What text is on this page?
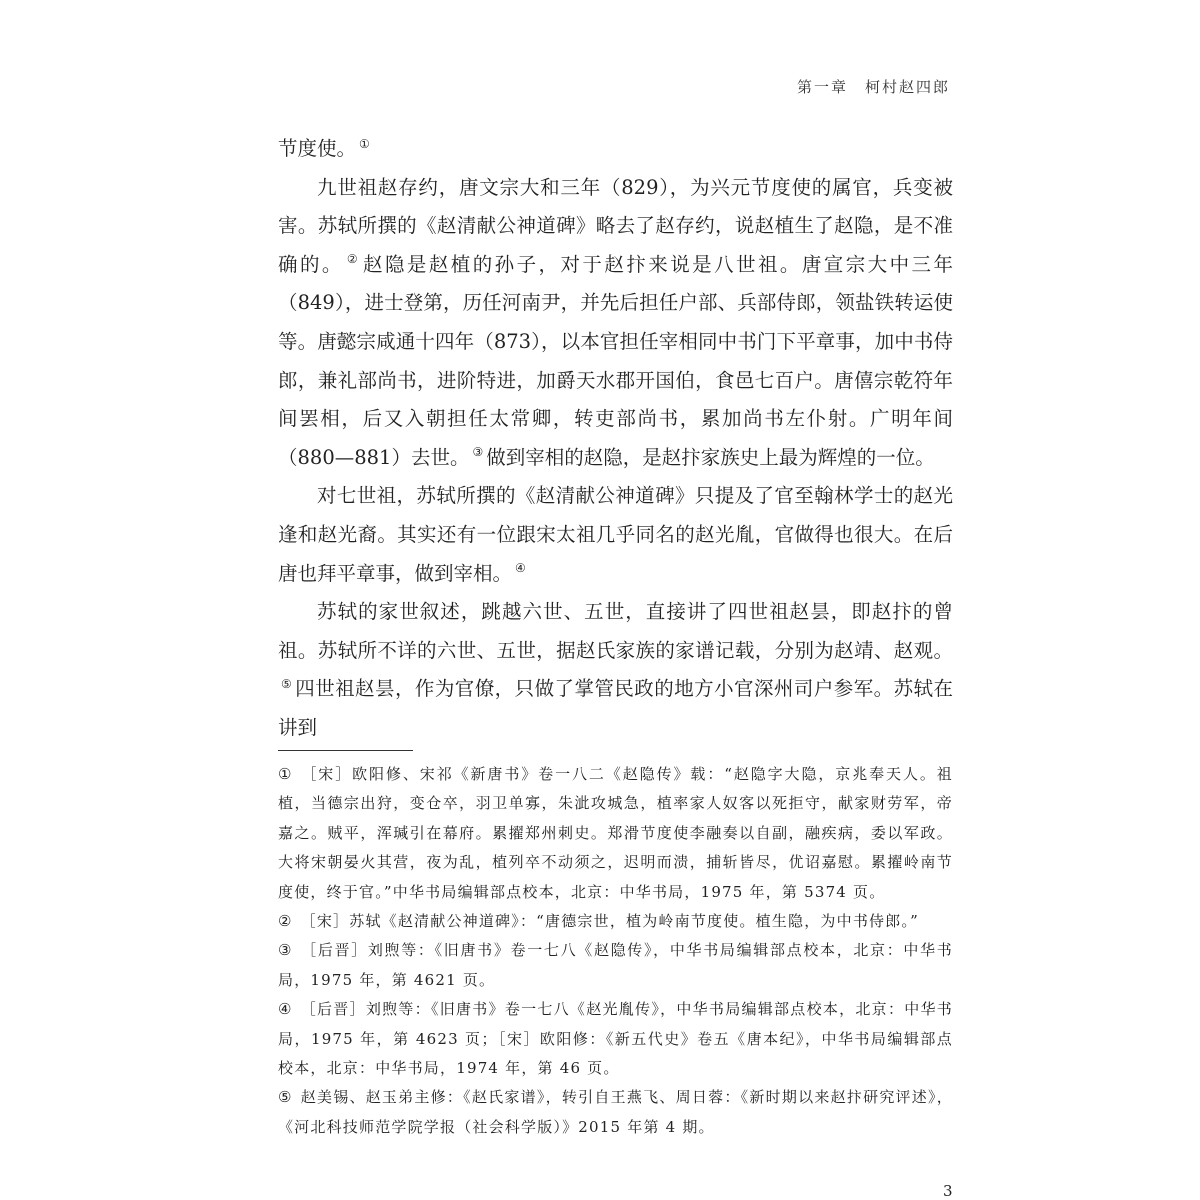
第一章　柯村赵四郎

节度使。 ①

九世祖赵存约，唐文宗大和三年（829），为兴元节度使的属官，兵变被害。苏轼所撰的《赵清献公神道碑》略去了赵存约，说赵植生了赵隐，是不准确的。 ② 赵隐是赵植的孙子，对于赵抃来说是八世祖。唐宣宗大中三年（849），进士登第，历任河南尹，并先后担任户部、兵部侍郎，领盐铁转运使等。唐懿宗咸通十四年（873），以本官担任宰相同中书门下平章事，加中书侍郎，兼礼部尚书，进阶特进，加爵天水郡开国伯，食邑七百户。唐僖宗乾符年间罢相，后又入朝担任太常卿，转吏部尚书，累加尚书左仆射。广明年间（880—881）去世。 ③ 做到宰相的赵隐，是赵抃家族史上最为辉煌的一位。

对七世祖，苏轼所撰的《赵清献公神道碑》只提及了官至翰林学士的赵光逢和赵光裔。其实还有一位跟宋太祖几乎同名的赵光胤，官做得也很大。在后唐也拜平章事，做到宰相。 ④

苏轼的家世叙述，跳越六世、五世，直接讲了四世祖赵昙，即赵抃的曾祖。苏轼所不详的六世、五世，据赵氏家族的家谱记载，分别为赵靖、赵观。⑤ 四世祖赵昙，作为官僚，只做了掌管民政的地方小官深州司户参军。苏轼在讲到

① ［宋］欧阳修、宋祁《新唐书》卷一八二《赵隐传》载：“赵隐字大隐，京兆奉天人。祖植，当德宗出狩，变仓卒，羽卫单寡，朱泚攻城急，植率家人奴客以死拒守，献家财劳军，帝嘉之。贼平，浑瑊引在幕府。累擢郑州刺史。郑滑节度使李融奏以自副，融疾病，委以军政。大将宋朝晏火其营，夜为乱，植列卒不动须之，迟明而溃，捕斩皆尽，优诏嘉慰。累擢岭南节度使，终于官。”中华书局编辑部点校本，北京：中华书局，1975 年，第 5374 页。

② ［宋］苏轼《赵清献公神道碑》：“唐德宗世，植为岭南节度使。植生隐，为中书侍郎。”

③ ［后晋］刘煦等：《旧唐书》卷一七八《赵隐传》，中华书局编辑部点校本，北京：中华书局，1975 年，第 4621 页。

④ ［后晋］刘煦等：《旧唐书》卷一七八《赵光胤传》，中华书局编辑部点校本，北京：中华书局，1975 年，第 4623 页；［宋］欧阳修：《新五代史》卷五《唐本纪》，中华书局编辑部点校本，北京：中华书局，1974 年，第 46 页。

⑤ 赵美锡、赵玉弟主修：《赵氏家谱》，转引自王燕飞、周日蓉：《新时期以来赵抃研究评述》，《河北科技师范学院学报（社会科学版）》2015 年第 4 期。

3
